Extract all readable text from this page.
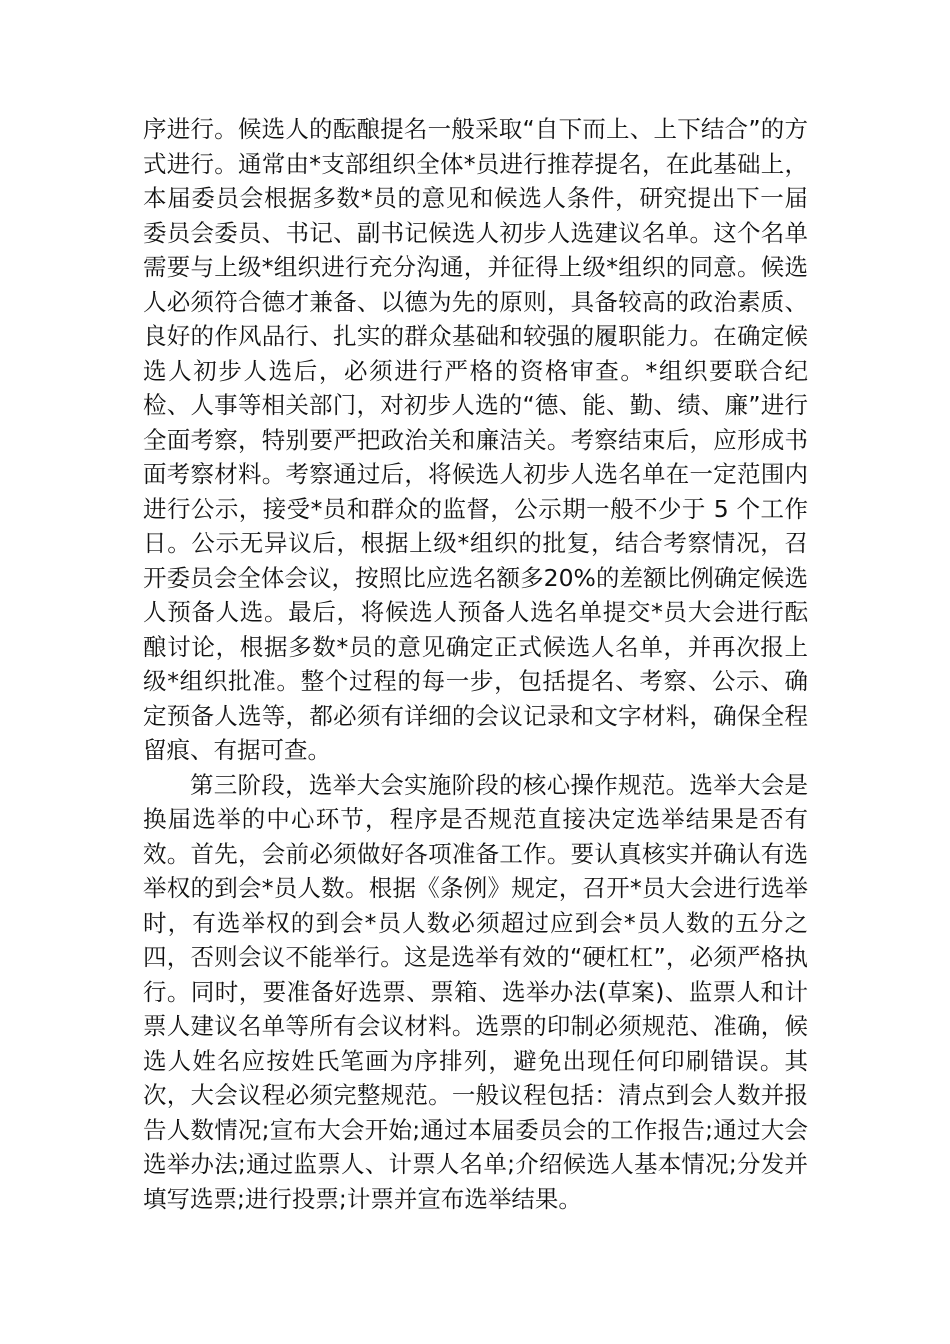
序进行。候选人的酝酿提名一般采取“自下而上、上下结合”的方式进行。通常由*支部组织全体*员进行推荐提名，在此基础上，本届委员会根据多数*员的意见和候选人条件，研究提出下一届委员会委员、书记、副书记候选人初步人选建议名单。这个名单需要与上级*组织进行充分沟通，并征得上级*组织的同意。候选人必须符合德才兼备、以德为先的原则，具备较高的政治素质、良好的作风品行、扎实的群众基础和较强的履职能力。在确定候选人初步人选后，必须进行严格的资格审查。*组织要联合纪检、人事等相关部门，对初步人选的“德、能、勤、绩、廉”进行全面考察，特别要严把政治关和廉洁关。考察结束后，应形成书面考察材料。考察通过后，将候选人初步人选名单在一定范围内进行公示，接受*员和群众的监督，公示期一般不少于 5 个工作日。公示无异议后，根据上级*组织的批复，结合考察情况，召开委员会全体会议，按照比应选名额多20%的差额比例确定候选人预备人选。最后，将候选人预备人选名单提交*员大会进行酝酿讨论，根据多数*员的意见确定正式候选人名单，并再次报上级*组织批准。整个过程的每一步，包括提名、考察、公示、确定预备人选等，都必须有详细的会议记录和文字材料，确保全程留痕、有据可查。

第三阶段，选举大会实施阶段的核心操作规范。选举大会是换届选举的中心环节，程序是否规范直接决定选举结果是否有效。首先，会前必须做好各项准备工作。要认真核实并确认有选举权的到会*员人数。根据《条例》规定，召开*员大会进行选举时，有选举权的到会*员人数必须超过应到会*员人数的五分之四，否则会议不能举行。这是选举有效的“硬杠杠”，必须严格执行。同时，要准备好选票、票箱、选举办法(草案)、监票人和计票人建议名单等所有会议材料。选票的印制必须规范、准确，候选人姓名应按姓氏笔画为序排列，避免出现任何印刷错误。其次，大会议程必须完整规范。一般议程包括：清点到会人数并报告人数情况;宣布大会开始;通过本届委员会的工作报告;通过大会选举办法;通过监票人、计票人名单;介绍候选人基本情况;分发并填写选票;进行投票;计票并宣布选举结果。
